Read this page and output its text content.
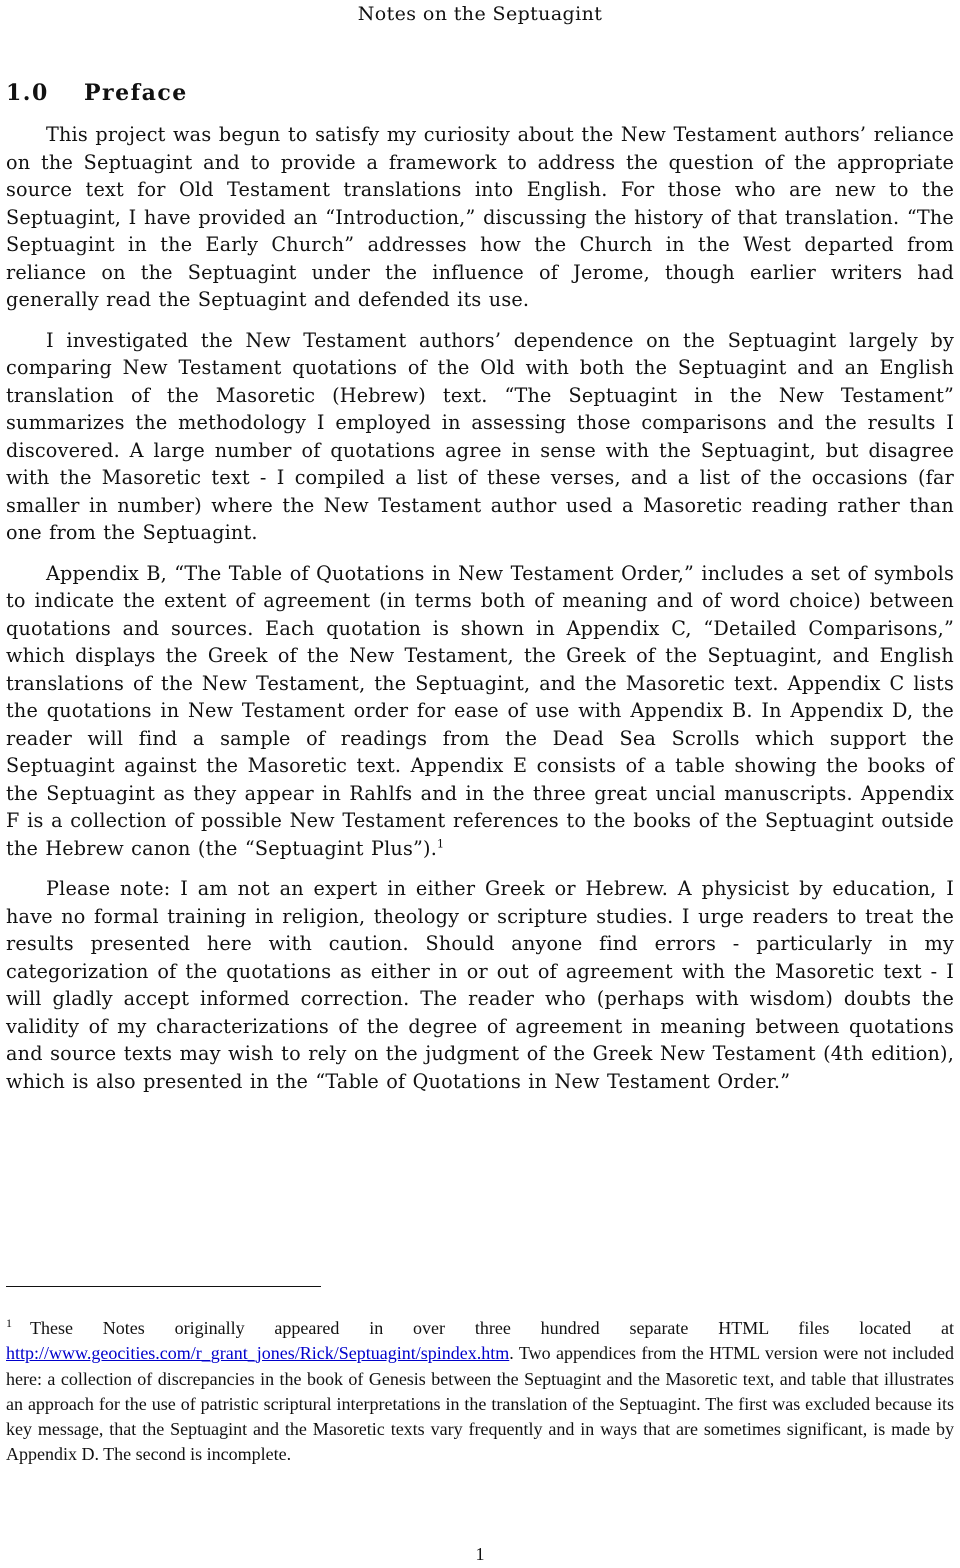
Notes on the Septuagint
1.0 Preface

This project was begun to satisfy my curiosity about the New Testament authors’ reliance on the Septuagint and to provide a framework to address the question of the appropriate source text for Old Testament translations into English. For those who are new to the Septuagint, I have provided an “Introduction,” discussing the history of that translation. “The Septuagint in the Early Church” addresses how the Church in the West departed from reliance on the Septuagint under the influence of Jerome, though earlier writers had generally read the Septuagint and defended its use.

I investigated the New Testament authors’ dependence on the Septuagint largely by comparing New Testament quotations of the Old with both the Septuagint and an English translation of the Masoretic (Hebrew) text. “The Septuagint in the New Testament” summarizes the methodology I employed in assessing those comparisons and the results I discovered. A large number of quotations agree in sense with the Septuagint, but disagree with the Masoretic text - I compiled a list of these verses, and a list of the occasions (far smaller in number) where the New Testament author used a Masoretic reading rather than one from the Septuagint.

Appendix B, “The Table of Quotations in New Testament Order,” includes a set of symbols to indicate the extent of agreement (in terms both of meaning and of word choice) between quotations and sources. Each quotation is shown in Appendix C, “Detailed Comparisons,” which displays the Greek of the New Testament, the Greek of the Septuagint, and English translations of the New Testament, the Septuagint, and the Masoretic text. Appendix C lists the quotations in New Testament order for ease of use with Appendix B. In Appendix D, the reader will find a sample of readings from the Dead Sea Scrolls which support the Septuagint against the Masoretic text. Appendix E consists of a table showing the books of the Septuagint as they appear in Rahlfs and in the three great uncial manuscripts. Appendix F is a collection of possible New Testament references to the books of the Septuagint outside the Hebrew canon (the “Septuagint Plus”).$^1$

Please note: I am not an expert in either Greek or Hebrew. A physicist by education, I have no formal training in religion, theology or scripture studies. I urge readers to treat the results presented here with caution. Should anyone find errors - particularly in my categorization of the quotations as either in or out of agreement with the Masoretic text - I will gladly accept informed correction. The reader who (perhaps with wisdom) doubts the validity of my characterizations of the degree of agreement in meaning between quotations and source texts may wish to rely on the judgment of the Greek New Testament (4th edition), which is also presented in the “Table of Quotations in New Testament Order.”

$^1$ These Notes originally appeared in over three hundred separate HTML files located at http://www.geocities.com/r_grant_jones/Rick/Septuagint/spindex.htm. Two appendices from the HTML version were not included here: a collection of discrepancies in the book of Genesis between the Septuagint and the Masoretic text, and table that illustrates an approach for the use of patristic scriptural interpretations in the translation of the Septuagint. The first was excluded because its key message, that the Septuagint and the Masoretic texts vary frequently and in ways that are sometimes significant, is made by Appendix D. The second is incomplete.

1
